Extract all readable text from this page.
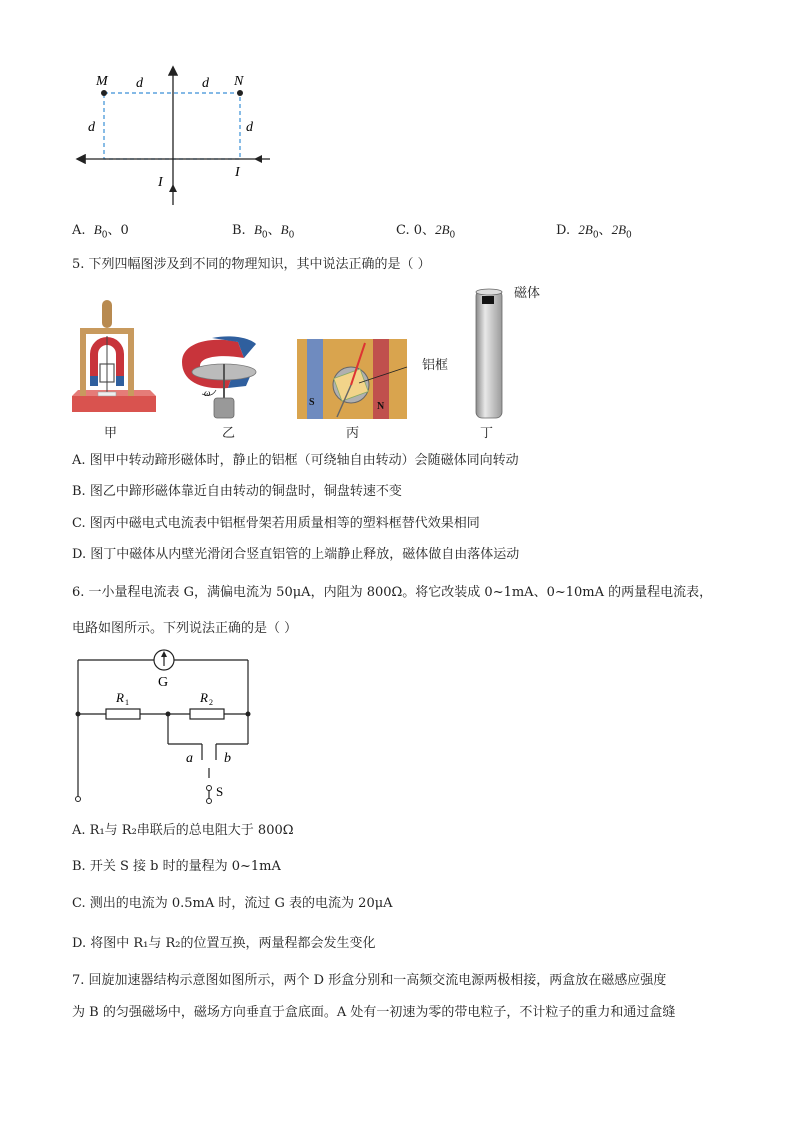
M	N
d	d
d	d
I
I
A. $B_0$、0	B. $B_0$、$B_0$	C. 0、$2B_0$	D. $2B_0$、$2B_0$
5. 下列四幅图涉及到不同的物理知识，其中说法正确的是（ ）
甲
ω
乙
S	N
铝框
丙
磁体
丁
A. 图甲中转动蹄形磁体时，静止的铝框（可绕轴自由转动）会随磁体同向转动
B. 图乙中蹄形磁体靠近自由转动的铜盘时，铜盘转速不变
C. 图丙中磁电式电流表中铝框骨架若用质量相等的塑料框替代效果相同
D. 图丁中磁体从内壁光滑闭合竖直铝管的上端静止释放，磁体做自由落体运动
6. 一小量程电流表 G，满偏电流为 50μA，内阻为 800Ω。将它改装成 0~1mA、0~10mA 的两量程电流表，
电路如图所示。下列说法正确的是（ ）
G
R 1	R 2
a b
S
A. R₁与 R₂串联后的总电阻大于 800Ω
B. 开关 S 接 b 时的量程为 0~1mA
C. 测出的电流为 0.5mA 时，流过 G 表的电流为 20μA
D. 将图中 R₁与 R₂的位置互换，两量程都会发生变化
7. 回旋加速器结构示意图如图所示，两个 D 形盒分别和一高频交流电源两极相接，两盒放在磁感应强度
为 B 的匀强磁场中，磁场方向垂直于盒底面。A 处有一初速为零的带电粒子，不计粒子的重力和通过盒缝
